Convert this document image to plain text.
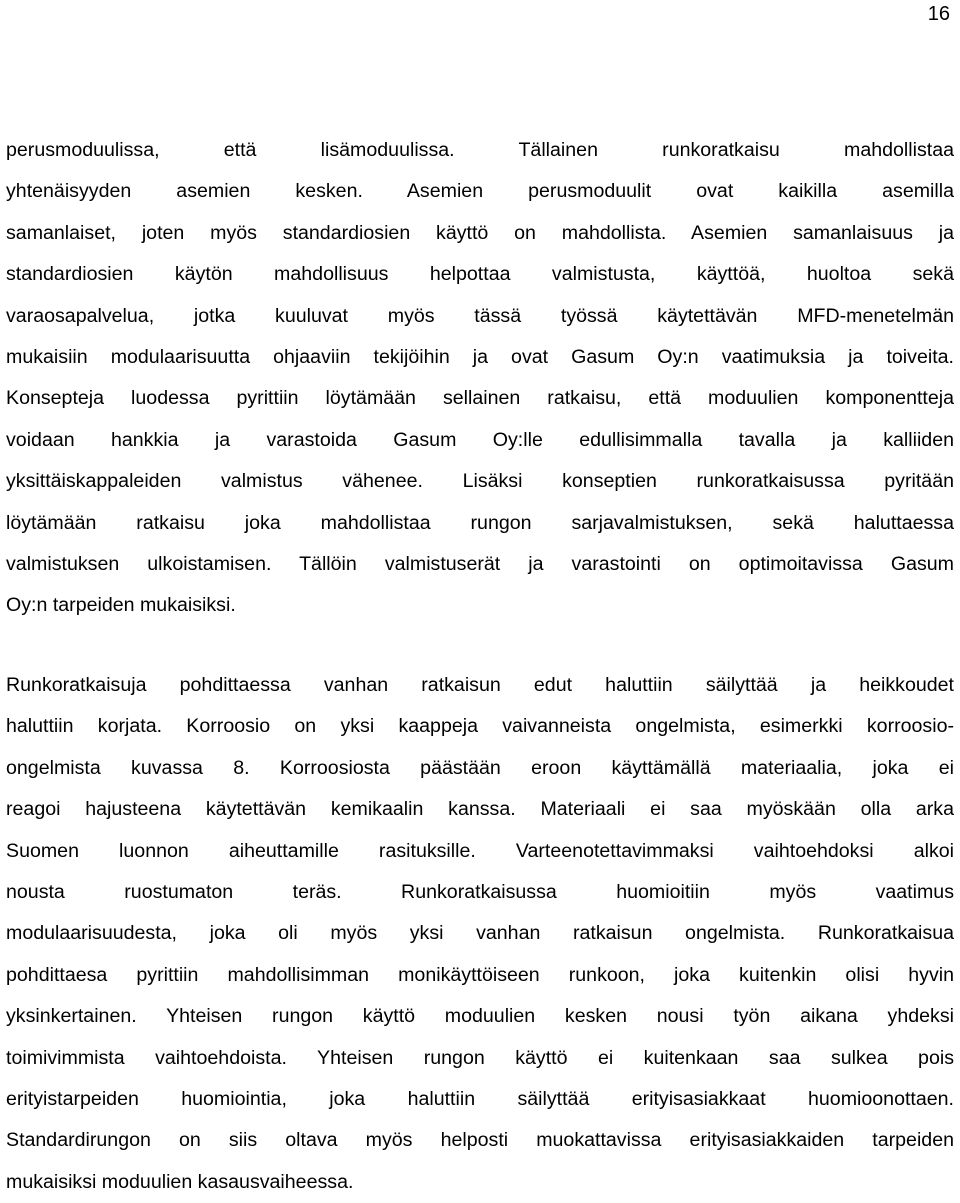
16
perusmoduulissa, että lisämoduulissa. Tällainen runkoratkaisu mahdollistaa
yhtenäisyyden asemien kesken. Asemien perusmoduulit ovat kaikilla asemilla
samanlaiset, joten myös standardiosien käyttö on mahdollista. Asemien samanlaisuus ja
standardiosien käytön mahdollisuus helpottaa valmistusta, käyttöä, huoltoa sekä
varaosapalvelua, jotka kuuluvat myös tässä työssä käytettävän MFD-menetelmän
mukaisiin modulaarisuutta ohjaaviin tekijöihin ja ovat Gasum Oy:n vaatimuksia ja toiveita.
Konsepteja luodessa pyrittiin löytämään sellainen ratkaisu, että moduulien komponentteja
voidaan hankkia ja varastoida Gasum Oy:lle edullisimmalla tavalla ja kalliiden
yksittäiskappaleiden valmistus vähenee. Lisäksi konseptien runkoratkaisussa pyritään
löytämään ratkaisu joka mahdollistaa rungon sarjavalmistuksen, sekä haluttaessa
valmistuksen ulkoistamisen. Tällöin valmistuserät ja varastointi on optimoitavissa Gasum
Oy:n tarpeiden mukaisiksi.
Runkoratkaisuja pohdittaessa vanhan ratkaisun edut haluttiin säilyttää ja heikkoudet
haluttiin korjata. Korroosio on yksi kaappeja vaivanneista ongelmista, esimerkki korroosio-
ongelmista kuvassa 8. Korroosiosta päästään eroon käyttämällä materiaalia, joka ei
reagoi hajusteena käytettävän kemikaalin kanssa. Materiaali ei saa myöskään olla arka
Suomen luonnon aiheuttamille rasituksille. Varteenotettavimmaksi vaihtoehdoksi alkoi
nousta ruostumaton teräs. Runkoratkaisussa huomioitiin myös vaatimus
modulaarisuudesta, joka oli myös yksi vanhan ratkaisun ongelmista. Runkoratkaisua
pohdittaesa pyrittiin mahdollisimman monikäyttöiseen runkoon, joka kuitenkin olisi hyvin
yksinkertainen. Yhteisen rungon käyttö moduulien kesken nousi työn aikana yhdeksi
toimivimmista vaihtoehdoista. Yhteisen rungon käyttö ei kuitenkaan saa sulkea pois
erityistarpeiden huomiointia, joka haluttiin säilyttää erityisasiakkaat huomioonottaen.
Standardirungon on siis oltava myös helposti muokattavissa erityisasiakkaiden tarpeiden
mukaisiksi moduulien kasausvaiheessa.
